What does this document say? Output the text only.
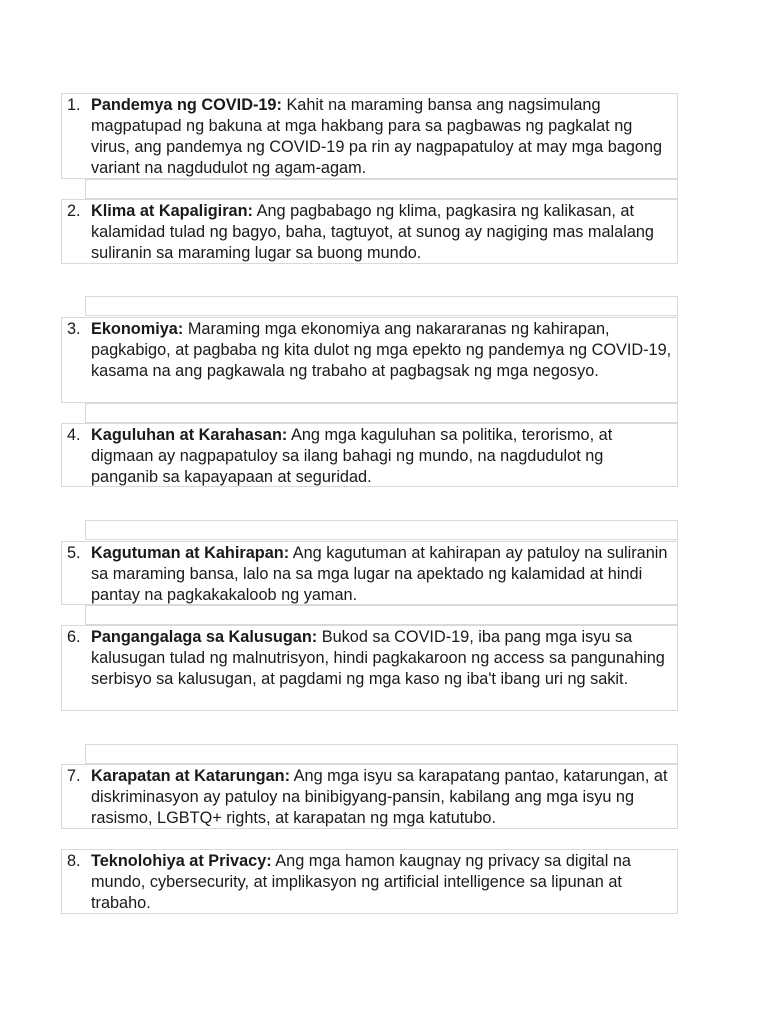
1. Pandemya ng COVID-19: Kahit na maraming bansa ang nagsimulang magpatupad ng bakuna at mga hakbang para sa pagbawas ng pagkalat ng virus, ang pandemya ng COVID-19 pa rin ay nagpapatuloy at may mga bagong variant na nagdudulot ng agam-agam.

2. Klima at Kapaligiran: Ang pagbabago ng klima, pagkasira ng kalikasan, at kalamidad tulad ng bagyo, baha, tagtuyot, at sunog ay nagiging mas malalang suliranin sa maraming lugar sa buong mundo.

3. Ekonomiya: Maraming mga ekonomiya ang nakararanas ng kahirapan, pagkabigo, at pagbaba ng kita dulot ng mga epekto ng pandemya ng COVID-19, kasama na ang pagkawala ng trabaho at pagbagsak ng mga negosyo.

4. Kaguluhan at Karahasan: Ang mga kaguluhan sa politika, terorismo, at digmaan ay nagpapatuloy sa ilang bahagi ng mundo, na nagdudulot ng panganib sa kapayapaan at seguridad.

5. Kagutuman at Kahirapan: Ang kagutuman at kahirapan ay patuloy na suliranin sa maraming bansa, lalo na sa mga lugar na apektado ng kalamidad at hindi pantay na pagkakakaloob ng yaman.

6. Pangangalaga sa Kalusugan: Bukod sa COVID-19, iba pang mga isyu sa kalusugan tulad ng malnutrisyon, hindi pagkakaroon ng access sa pangunahing serbisyo sa kalusugan, at pagdami ng mga kaso ng iba't ibang uri ng sakit.

7. Karapatan at Katarungan: Ang mga isyu sa karapatang pantao, katarungan, at diskriminasyon ay patuloy na binibigyang-pansin, kabilang ang mga isyu ng rasismo, LGBTQ+ rights, at karapatan ng mga katutubo.

8. Teknolohiya at Privacy: Ang mga hamon kaugnay ng privacy sa digital na mundo, cybersecurity, at implikasyon ng artificial intelligence sa lipunan at trabaho.
